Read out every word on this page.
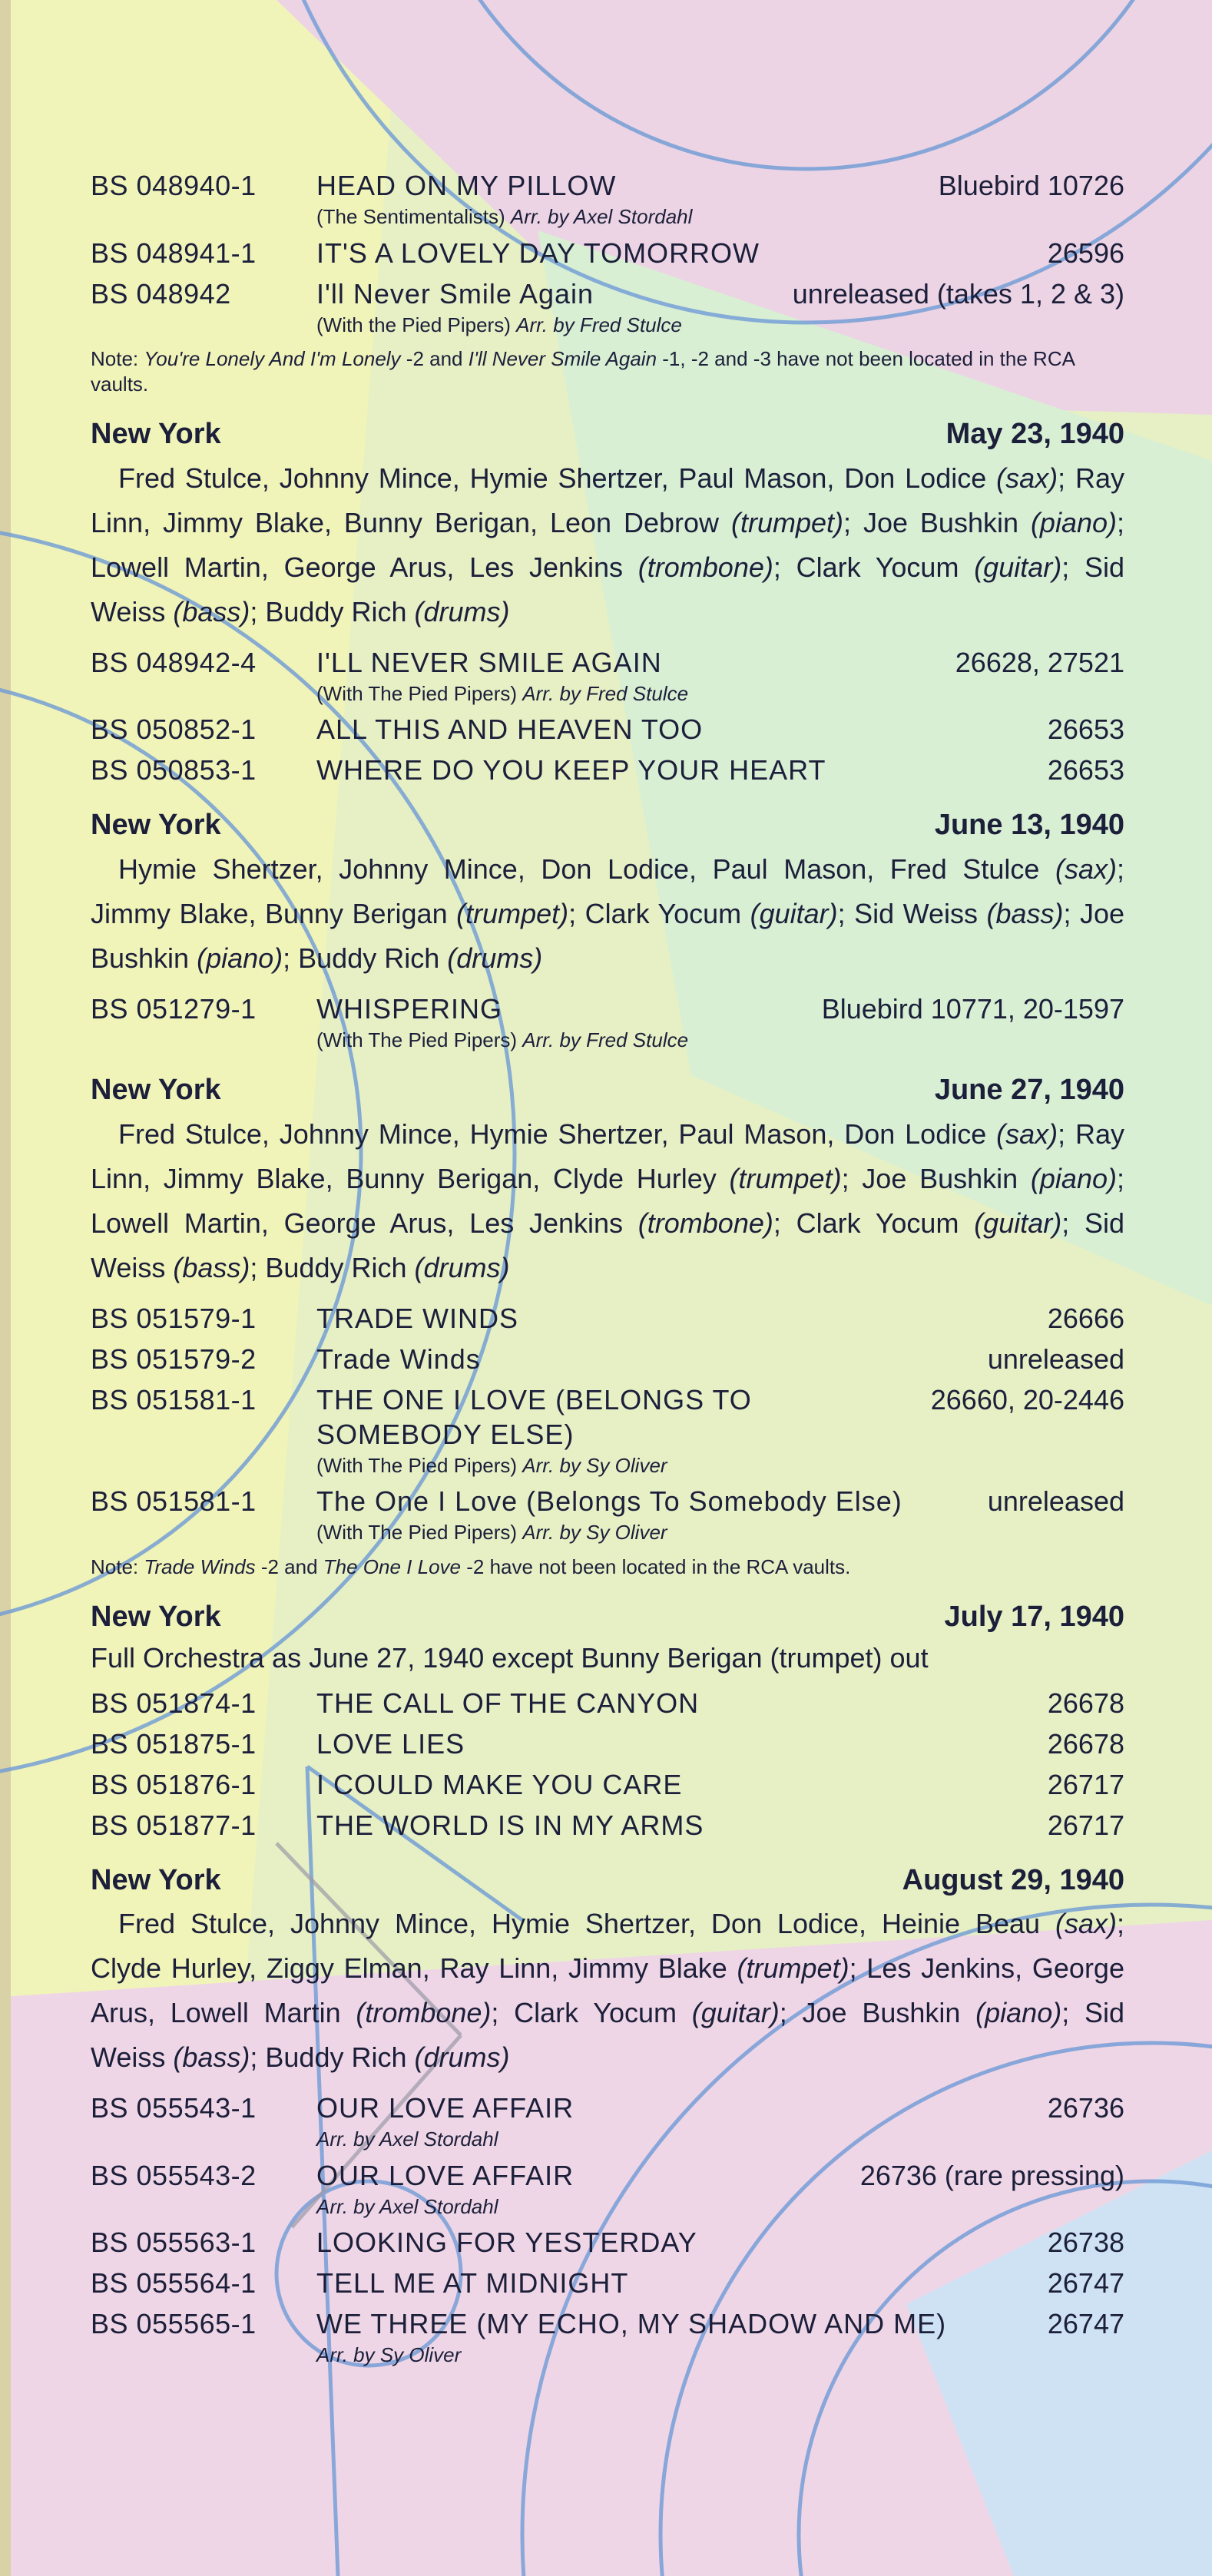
BS 048940-1	HEAD ON MY PILLOW
(The Sentimentalists) Arr. by Axel Stordahl
Bluebird 10726
BS 048941-1	IT'S A LOVELY DAY TOMORROW	26596
BS 048942	I'll Never Smile Again
(With the Pied Pipers) Arr. by Fred Stulce
unreleased (takes 1, 2 & 3)
Note: You're Lonely And I'm Lonely -2 and I'll Never Smile Again -1, -2 and -3 have not been located in the RCA vaults.
New York	May 23, 1940
Fred Stulce, Johnny Mince, Hymie Shertzer, Paul Mason, Don Lodice (sax); Ray Linn, Jimmy Blake, Bunny Berigan, Leon Debrow (trumpet); Joe Bushkin (piano); Lowell Martin, George Arus, Les Jenkins (trombone); Clark Yocum (guitar); Sid Weiss (bass); Buddy Rich (drums)
BS 048942-4	I'LL NEVER SMILE AGAIN
(With The Pied Pipers) Arr. by Fred Stulce
26628, 27521
BS 050852-1	ALL THIS AND HEAVEN TOO	26653
BS 050853-1	WHERE DO YOU KEEP YOUR HEART	26653
New York	June 13, 1940
Hymie Shertzer, Johnny Mince, Don Lodice, Paul Mason, Fred Stulce (sax); Jimmy Blake, Bunny Berigan (trumpet); Clark Yocum (guitar); Sid Weiss (bass); Joe Bushkin (piano); Buddy Rich (drums)
BS 051279-1	WHISPERING
(With The Pied Pipers) Arr. by Fred Stulce
Bluebird 10771, 20-1597
New York	June 27, 1940
Fred Stulce, Johnny Mince, Hymie Shertzer, Paul Mason, Don Lodice (sax); Ray Linn, Jimmy Blake, Bunny Berigan, Clyde Hurley (trumpet); Joe Bushkin (piano); Lowell Martin, George Arus, Les Jenkins (trombone); Clark Yocum (guitar); Sid Weiss (bass); Buddy Rich (drums)
BS 051579-1	TRADE WINDS	26666
BS 051579-2	Trade Winds	unreleased
BS 051581-1	THE ONE I LOVE (BELONGS TO SOMEBODY ELSE)
(With The Pied Pipers) Arr. by Sy Oliver
26660, 20-2446
BS 051581-1	The One I Love (Belongs To Somebody Else)
(With The Pied Pipers) Arr. by Sy Oliver
unreleased
Note: Trade Winds -2 and The One I Love -2 have not been located in the RCA vaults.
New York	July 17, 1940
Full Orchestra as June 27, 1940 except Bunny Berigan (trumpet) out
BS 051874-1	THE CALL OF THE CANYON	26678
BS 051875-1	LOVE LIES	26678
BS 051876-1	I COULD MAKE YOU CARE	26717
BS 051877-1	THE WORLD IS IN MY ARMS	26717
New York	August 29, 1940
Fred Stulce, Johnny Mince, Hymie Shertzer, Don Lodice, Heinie Beau (sax); Clyde Hurley, Ziggy Elman, Ray Linn, Jimmy Blake (trumpet); Les Jenkins, George Arus, Lowell Martin (trombone); Clark Yocum (guitar); Joe Bushkin (piano); Sid Weiss (bass); Buddy Rich (drums)
BS 055543-1	OUR LOVE AFFAIR
Arr. by Axel Stordahl
26736
BS 055543-2	OUR LOVE AFFAIR
Arr. by Axel Stordahl
26736 (rare pressing)
BS 055563-1	LOOKING FOR YESTERDAY	26738
BS 055564-1	TELL ME AT MIDNIGHT	26747
BS 055565-1	WE THREE (MY ECHO, MY SHADOW AND ME)
Arr. by Sy Oliver
26747
